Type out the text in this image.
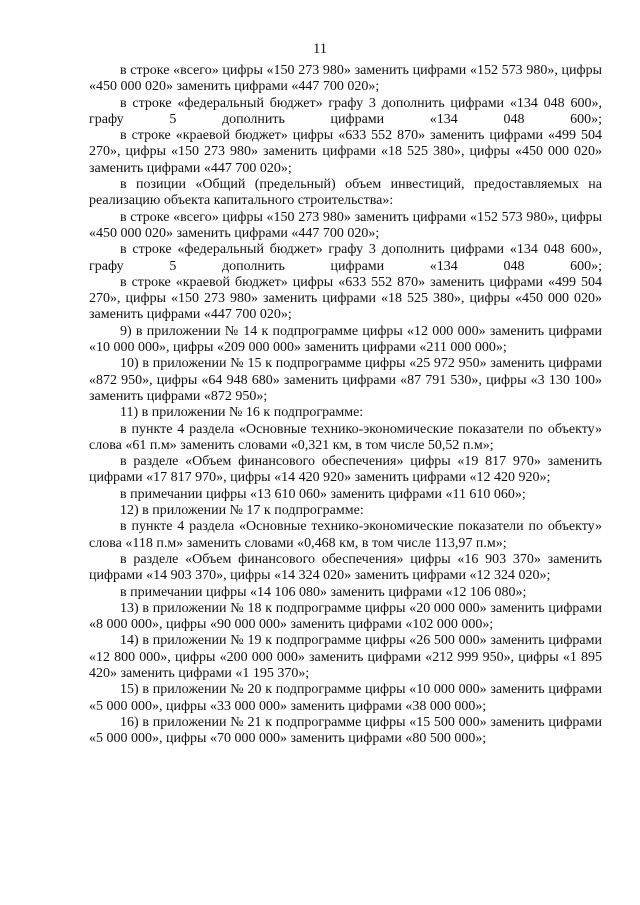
11

в строке «всего» цифры «150 273 980» заменить цифрами «152 573 980», цифры «450 000 020» заменить цифрами «447 700 020»;

в строке «федеральный бюджет» графу 3 дополнить цифрами «134 048 600», графу 5 дополнить цифрами «134 048 600»;

в строке «краевой бюджет» цифры «633 552 870» заменить цифрами «499 504 270», цифры «150 273 980» заменить цифрами «18 525 380», цифры «450 000 020» заменить цифрами «447 700 020»;

в позиции «Общий (предельный) объем инвестиций, предоставляемых на реализацию объекта капитального строительства»:

в строке «всего» цифры «150 273 980» заменить цифрами «152 573 980», цифры «450 000 020» заменить цифрами «447 700 020»;

в строке «федеральный бюджет» графу 3 дополнить цифрами «134 048 600», графу 5 дополнить цифрами «134 048 600»;

в строке «краевой бюджет» цифры «633 552 870» заменить цифрами «499 504 270», цифры «150 273 980» заменить цифрами «18 525 380», цифры «450 000 020» заменить цифрами «447 700 020»;

9) в приложении № 14 к подпрограмме цифры «12 000 000» заменить цифрами «10 000 000», цифры «209 000 000» заменить цифрами «211 000 000»;

10) в приложении № 15 к подпрограмме цифры «25 972 950» заменить цифрами «872 950», цифры «64 948 680» заменить цифрами «87 791 530», цифры «3 130 100» заменить цифрами «872 950»;

11) в приложении № 16 к подпрограмме:

в пункте 4 раздела «Основные технико-экономические показатели по объекту» слова «61 п.м» заменить словами «0,321 км, в том числе 50,52 п.м»;

в разделе «Объем финансового обеспечения» цифры «19 817 970» заменить цифрами «17 817 970», цифры «14 420 920» заменить цифрами «12 420 920»;

в примечании цифры «13 610 060» заменить цифрами «11 610 060»;

12) в приложении № 17 к подпрограмме:

в пункте 4 раздела «Основные технико-экономические показатели по объекту» слова «118 п.м» заменить словами «0,468 км, в том числе 113,97 п.м»;

в разделе «Объем финансового обеспечения» цифры «16 903 370» заменить цифрами «14 903 370», цифры «14 324 020» заменить цифрами «12 324 020»;

в примечании цифры «14 106 080» заменить цифрами «12 106 080»;

13) в приложении № 18 к подпрограмме цифры «20 000 000» заменить цифрами «8 000 000», цифры «90 000 000» заменить цифрами «102 000 000»;

14) в приложении № 19 к подпрограмме цифры «26 500 000» заменить цифрами «12 800 000», цифры «200 000 000» заменить цифрами «212 999 950», цифры «1 895 420» заменить цифрами «1 195 370»;

15) в приложении № 20 к подпрограмме цифры «10 000 000» заменить цифрами «5 000 000», цифры «33 000 000» заменить цифрами «38 000 000»;

16) в приложении № 21 к подпрограмме цифры «15 500 000» заменить цифрами «5 000 000», цифры «70 000 000» заменить цифрами «80 500 000»;
